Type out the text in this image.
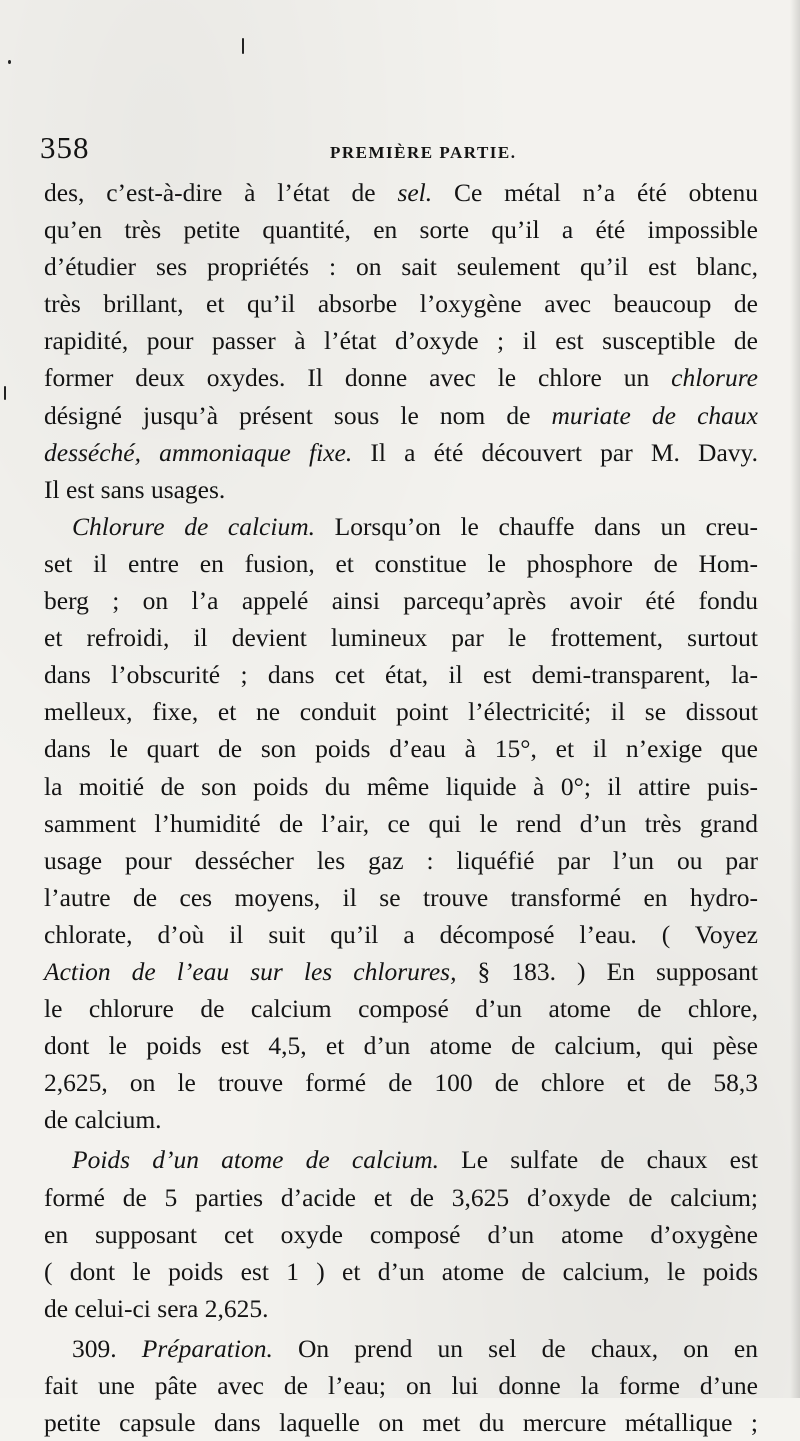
358	PREMIÈRE PARTIE.
des, c’est-à-dire à l’état de sel. Ce métal n’a été obtenu
qu’en très petite quantité, en sorte qu’il a été impossible
d’étudier ses propriétés : on sait seulement qu’il est blanc,
très brillant, et qu’il absorbe l’oxygène avec beaucoup de
rapidité, pour passer à l’état d’oxyde ; il est susceptible de
former deux oxydes. Il donne avec le chlore un chlorure
désigné jusqu’à présent sous le nom de muriate de chaux
desséché, ammoniaque fixe. Il a été découvert par M. Davy.
Il est sans usages.
Chlorure de calcium. Lorsqu’on le chauffe dans un creu-
set il entre en fusion, et constitue le phosphore de Hom-
berg ; on l’a appelé ainsi parcequ’après avoir été fondu
et refroidi, il devient lumineux par le frottement, surtout
dans l’obscurité ; dans cet état, il est demi-transparent, la-
melleux, fixe, et ne conduit point l’électricité; il se dissout
dans le quart de son poids d’eau à 15°, et il n’exige que
la moitié de son poids du même liquide à 0°; il attire puis-
samment l’humidité de l’air, ce qui le rend d’un très grand
usage pour dessécher les gaz : liquéfié par l’un ou par
l’autre de ces moyens, il se trouve transformé en hydro-
chlorate, d’où il suit qu’il a décomposé l’eau. ( Voyez
Action de l’eau sur les chlorures, § 183. ) En supposant
le chlorure de calcium composé d’un atome de chlore,
dont le poids est 4,5, et d’un atome de calcium, qui pèse
2,625, on le trouve formé de 100 de chlore et de 58,3
de calcium.
Poids d’un atome de calcium. Le sulfate de chaux est
formé de 5 parties d’acide et de 3,625 d’oxyde de calcium;
en supposant cet oxyde composé d’un atome d’oxygène
( dont le poids est 1 ) et d’un atome de calcium, le poids
de celui-ci sera 2,625.
309. Préparation. On prend un sel de chaux, on en
fait une pâte avec de l’eau; on lui donne la forme d’une
petite capsule dans laquelle on met du mercure métallique ;
